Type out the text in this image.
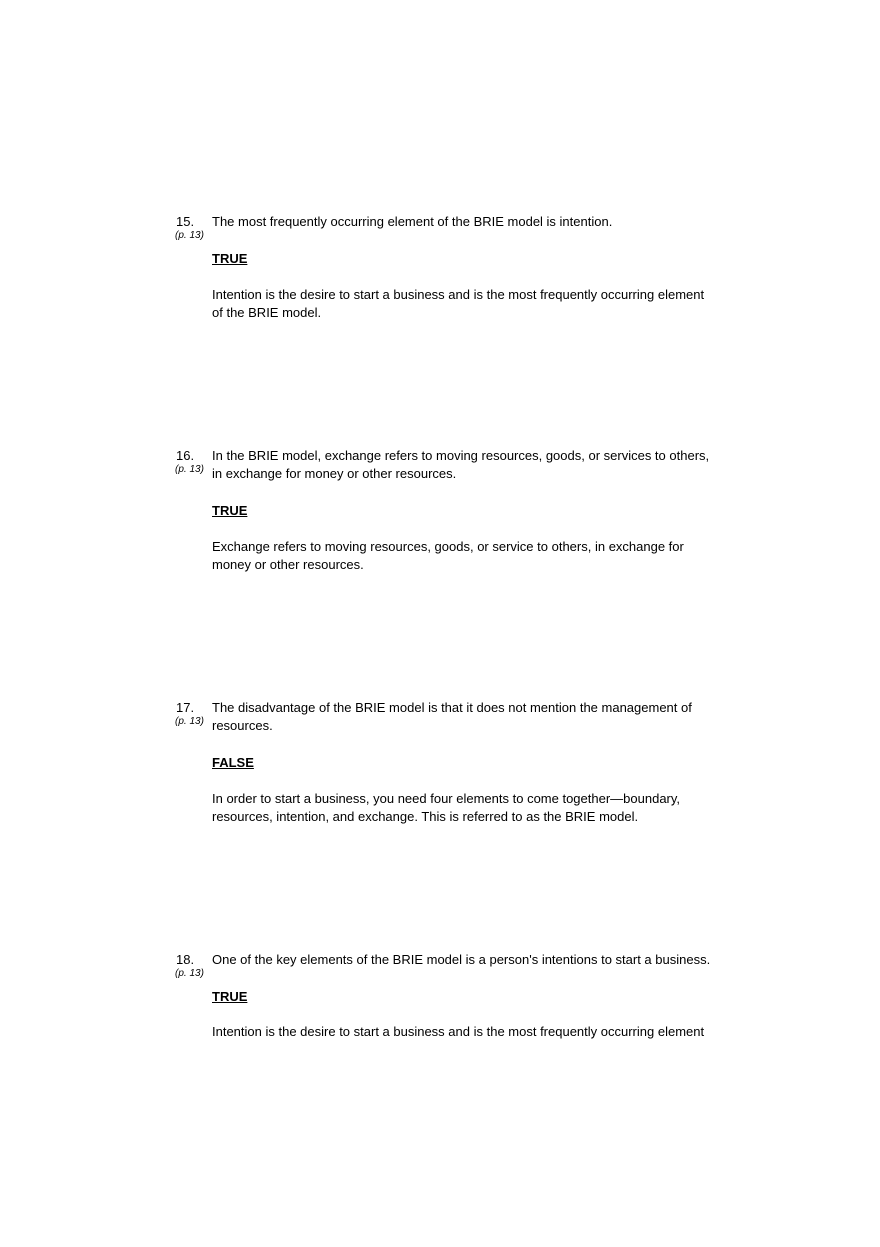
15.
(p. 13)
The most frequently occurring element of the BRIE model is intention.
TRUE
Intention is the desire to start a business and is the most frequently occurring element of the BRIE model.
16.
(p. 13)
In the BRIE model, exchange refers to moving resources, goods, or services to others, in exchange for money or other resources.
TRUE
Exchange refers to moving resources, goods, or service to others, in exchange for money or other resources.
17.
(p. 13)
The disadvantage of the BRIE model is that it does not mention the management of resources.
FALSE
In order to start a business, you need four elements to come together—boundary, resources, intention, and exchange. This is referred to as the BRIE model.
18.
(p. 13)
One of the key elements of the BRIE model is a person's intentions to start a business.
TRUE
Intention is the desire to start a business and is the most frequently occurring element
